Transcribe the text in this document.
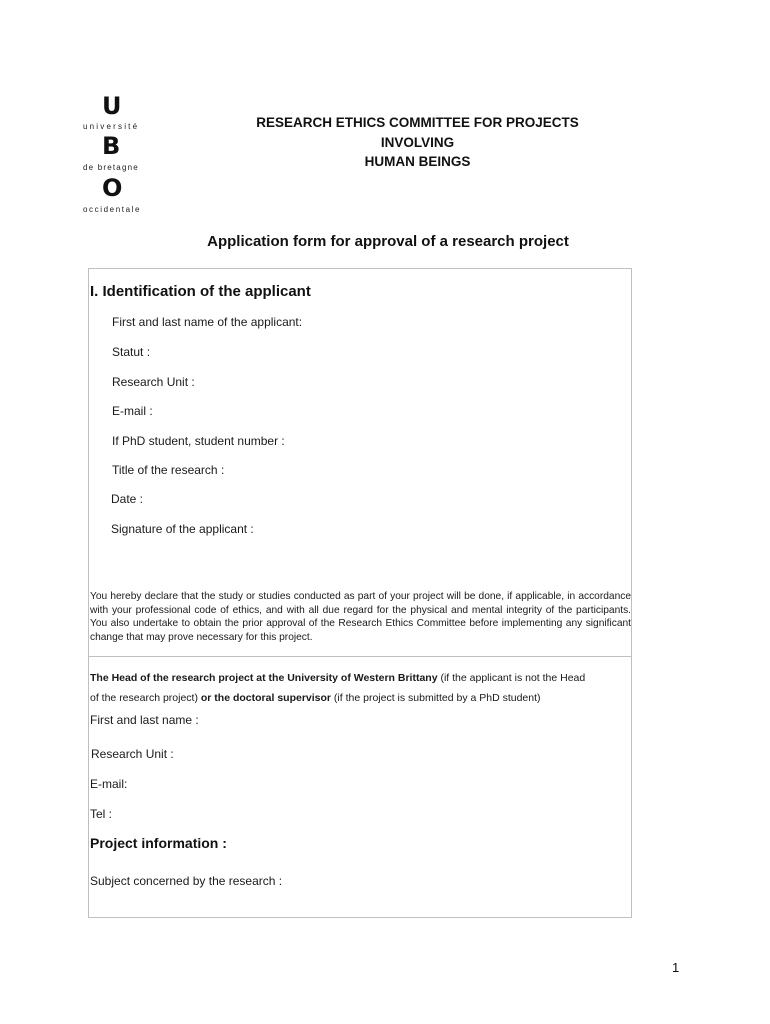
U
université
B
de bretagne
O
occidentale
RESEARCH ETHICS COMMITTEE FOR PROJECTS
INVOLVING
HUMAN BEINGS
Application form for approval of a research project
I. Identification of the applicant
First and last name of the applicant:
Statut :
Research Unit :
E-mail :
If PhD student, student number :
Title of the research :
Date :
Signature of the applicant :
You hereby declare that the study or studies conducted as part of your project will be done, if applicable, in accordance with your professional code of ethics, and with all due regard for the physical and mental integrity of the participants. You also undertake to obtain the prior approval of the Research Ethics Committee before implementing any significant change that may prove necessary for this project.
The Head of the research project at the University of Western Brittany (if the applicant is not the Head
of the research project) or the doctoral supervisor (if the project is submitted by a PhD student)
First and last name :
Research Unit :
E-mail:
Tel :
Project information :
Subject concerned by the research :
1
